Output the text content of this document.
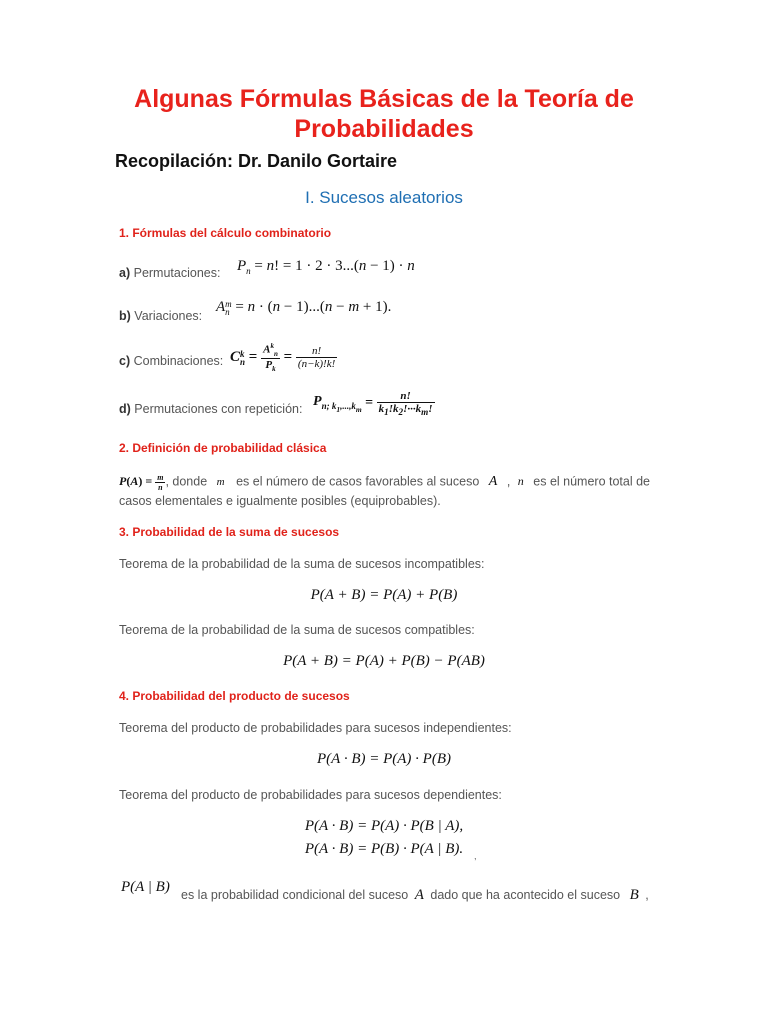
Algunas Fórmulas Básicas de la Teoría de
Probabilidades
Recopilación: Dr. Danilo Gortaire
I. Sucesos aleatorios
1. Fórmulas del cálculo combinatorio
a) Permutaciones: $P_n = n$! = 1 · 2 · 3...(n − 1) · n
b) Variaciones:
A m
n = n · (n − 1)...(n − m + 1).
c) Combinaciones: C k
$n = \frac{A^k_n}{P_k} = \frac{n!}{(n-k)!k!}$
d) Permutaciones con repetición:
$P_{n; k_1,...,k_m} = \frac{n!}{k_1!k_2!\cdot\cdot\cdot k_m!}$
2. Definición de probabilidad clásica
$P(A) = \frac{m}{n}$ , donde m es el número de casos favorables al suceso A , n es el número total de
casos elementales e igualmente posibles (equiprobables).
3. Probabilidad de la suma de sucesos
Teorema de la probabilidad de la suma de sucesos incompatibles:
P(A + B) = P(A) + P(B)
Teorema de la probabilidad de la suma de sucesos compatibles:
P(A + B) = P(A) + P(B) − P(AB)
4. Probabilidad del producto de sucesos
Teorema del producto de probabilidades para sucesos independientes:
P(A · B) = P(A) · P(B)
Teorema del producto de probabilidades para sucesos dependientes:
P(A · B) = P(A) · P(B | A),
P(A · B) = P(B) · P(A | B).	,
P(A | B) es la probabilidad condicional del suceso A dado que ha acontecido el suceso B ,
